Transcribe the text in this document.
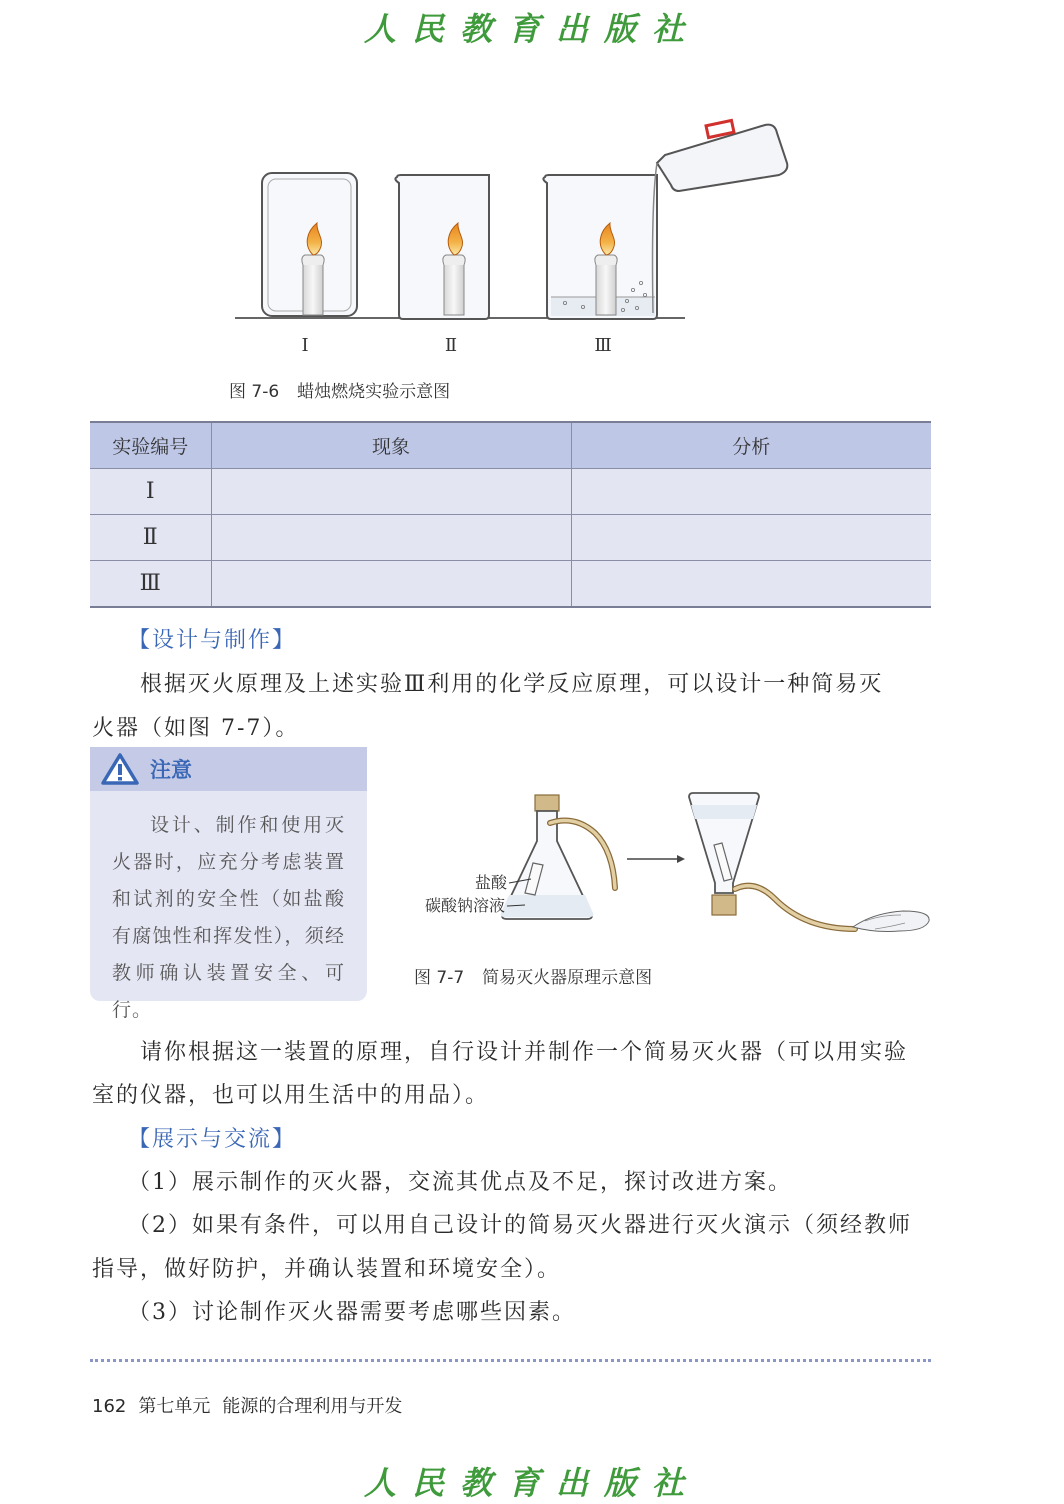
人民教育出版社
Ⅰ	Ⅱ	Ⅲ
图 7-6 蜡烛燃烧实验示意图
实验编号	现象	分析
Ⅰ		
Ⅱ		
Ⅲ		
【设计与制作】
根据灭火原理及上述实验Ⅲ利用的化学反应原理，可以设计一种简易灭
火器（如图 7-7）。
注意
设计、制作和使用灭火器时，应充分考虑装置和试剂的安全性（如盐酸有腐蚀性和挥发性），须经教师确认装置安全、可行。
盐酸
碳酸钠溶液
图 7-7 简易灭火器原理示意图
请你根据这一装置的原理，自行设计并制作一个简易灭火器（可以用实验
室的仪器，也可以用生活中的用品）。
【展示与交流】
（1）展示制作的灭火器，交流其优点及不足，探讨改进方案。
（2）如果有条件，可以用自己设计的简易灭火器进行灭火演示（须经教师
指导，做好防护，并确认装置和环境安全）。
（3）讨论制作灭火器需要考虑哪些因素。
162 第七单元 能源的合理利用与开发
人民教育出版社
